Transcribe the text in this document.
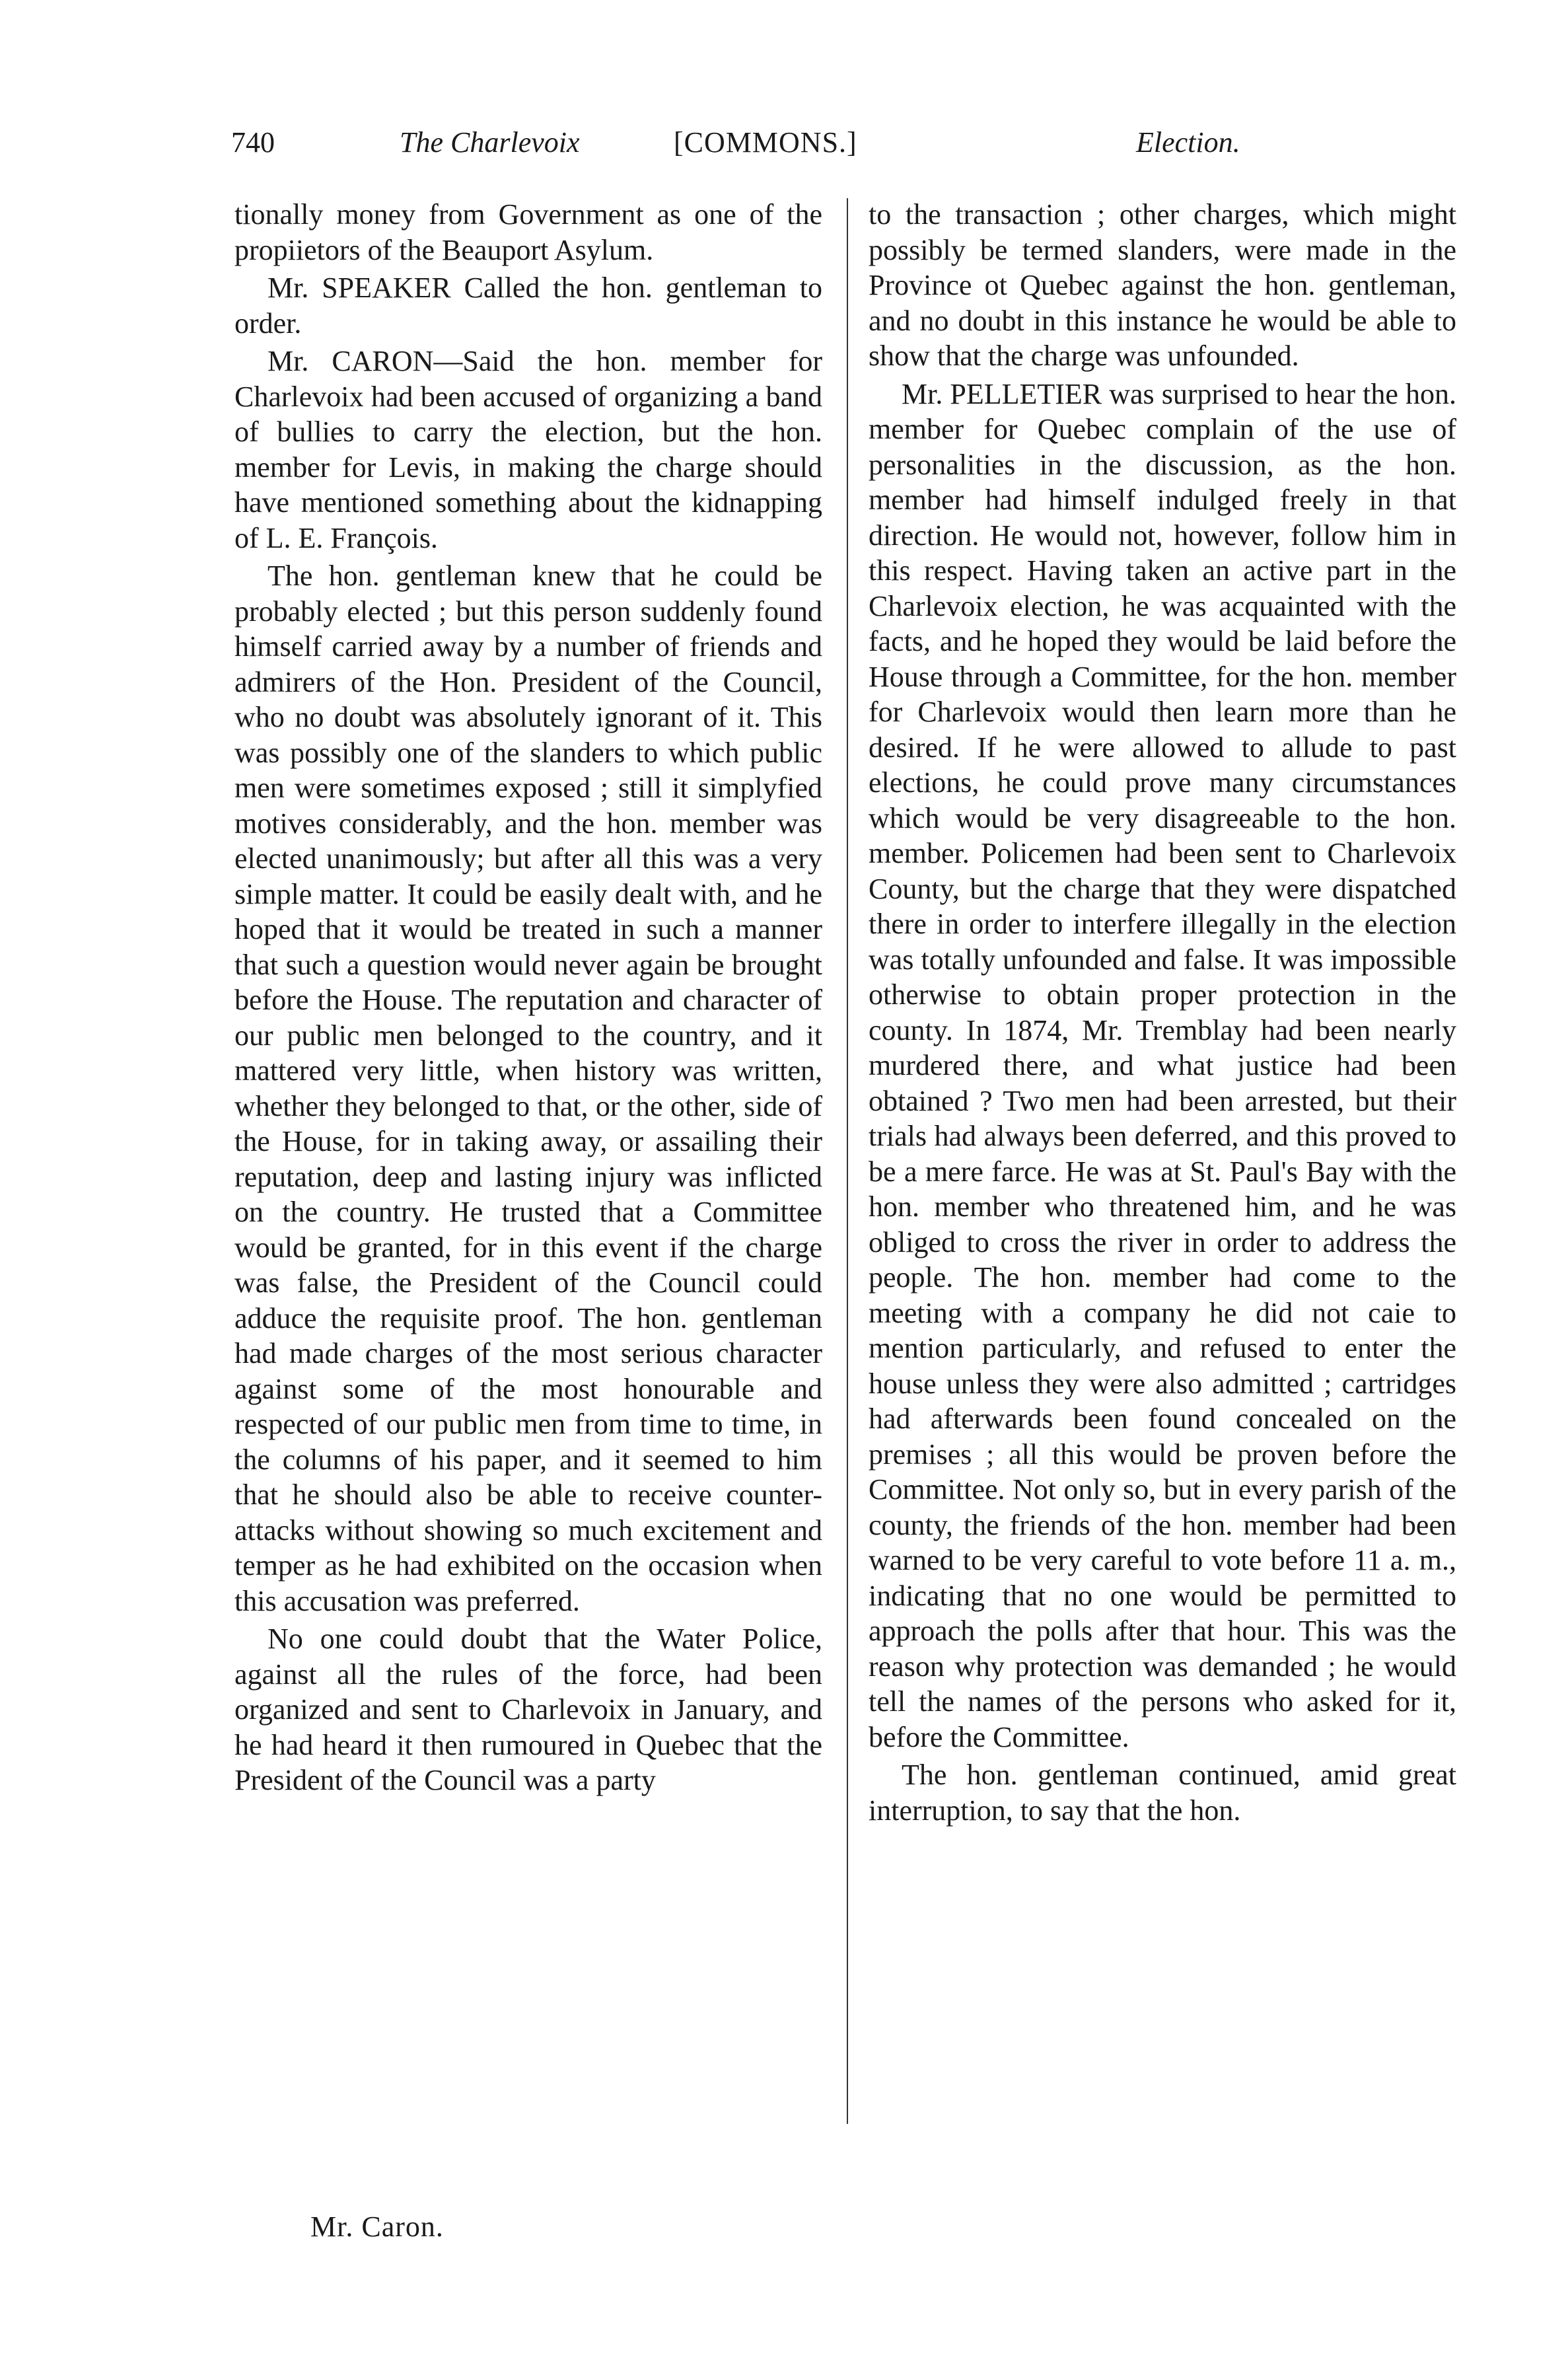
740	The Charlevoix	[COMMONS.]	Election.

tionally money from Government as one of the propiietors of the Beauport Asylum.

Mr. SPEAKER Called the hon. gentleman to order.

Mr. CARON—Said the hon. member for Charlevoix had been accused of organizing a band of bullies to carry the election, but the hon. member for Levis, in making the charge should have mentioned something about the kidnapping of L. E. François.

The hon. gentleman knew that he could be probably elected ; but this person suddenly found himself carried away by a number of friends and admirers of the Hon. President of the Council, who no doubt was absolutely ignorant of it. This was possibly one of the slanders to which public men were sometimes exposed ; still it simplyfied motives considerably, and the hon. member was elected unanimously; but after all this was a very simple matter. It could be easily dealt with, and he hoped that it would be treated in such a manner that such a question would never again be brought before the House. The reputation and character of our public men belonged to the country, and it mattered very little, when history was written, whether they belonged to that, or the other, side of the House, for in taking away, or assailing their reputation, deep and lasting injury was inflicted on the country. He trusted that a Committee would be granted, for in this event if the charge was false, the President of the Council could adduce the requisite proof. The hon. gentleman had made charges of the most serious character against some of the most honourable and respected of our public men from time to time, in the columns of his paper, and it seemed to him that he should also be able to receive counter-attacks without showing so much excitement and temper as he had exhibited on the occasion when this accusation was preferred.

No one could doubt that the Water Police, against all the rules of the force, had been organized and sent to Charlevoix in January, and he had heard it then rumoured in Quebec that the President of the Council was a party

to the transaction ; other charges, which might possibly be termed slanders, were made in the Province ot Quebec against the hon. gentleman, and no doubt in this instance he would be able to show that the charge was unfounded.

Mr. PELLETIER was surprised to hear the hon. member for Quebec complain of the use of personalities in the discussion, as the hon. member had himself indulged freely in that direction. He would not, however, follow him in this respect. Having taken an active part in the Charlevoix election, he was acquainted with the facts, and he hoped they would be laid before the House through a Committee, for the hon. member for Charlevoix would then learn more than he desired. If he were allowed to allude to past elections, he could prove many circumstances which would be very disagreeable to the hon. member. Policemen had been sent to Charlevoix County, but the charge that they were dispatched there in order to interfere illegally in the election was totally unfounded and false. It was impossible otherwise to obtain proper protection in the county. In 1874, Mr. Tremblay had been nearly murdered there, and what justice had been obtained ? Two men had been arrested, but their trials had always been deferred, and this proved to be a mere farce. He was at St. Paul's Bay with the hon. member who threatened him, and he was obliged to cross the river in order to address the people. The hon. member had come to the meeting with a company he did not caie to mention particularly, and refused to enter the house unless they were also admitted ; cartridges had afterwards been found concealed on the premises ; all this would be proven before the Committee. Not only so, but in every parish of the county, the friends of the hon. member had been warned to be very careful to vote before 11 a. m., indicating that no one would be permitted to approach the polls after that hour. This was the reason why protection was demanded ; he would tell the names of the persons who asked for it, before the Committee.

The hon. gentleman continued, amid great interruption, to say that the hon.

Mr. Caron.
